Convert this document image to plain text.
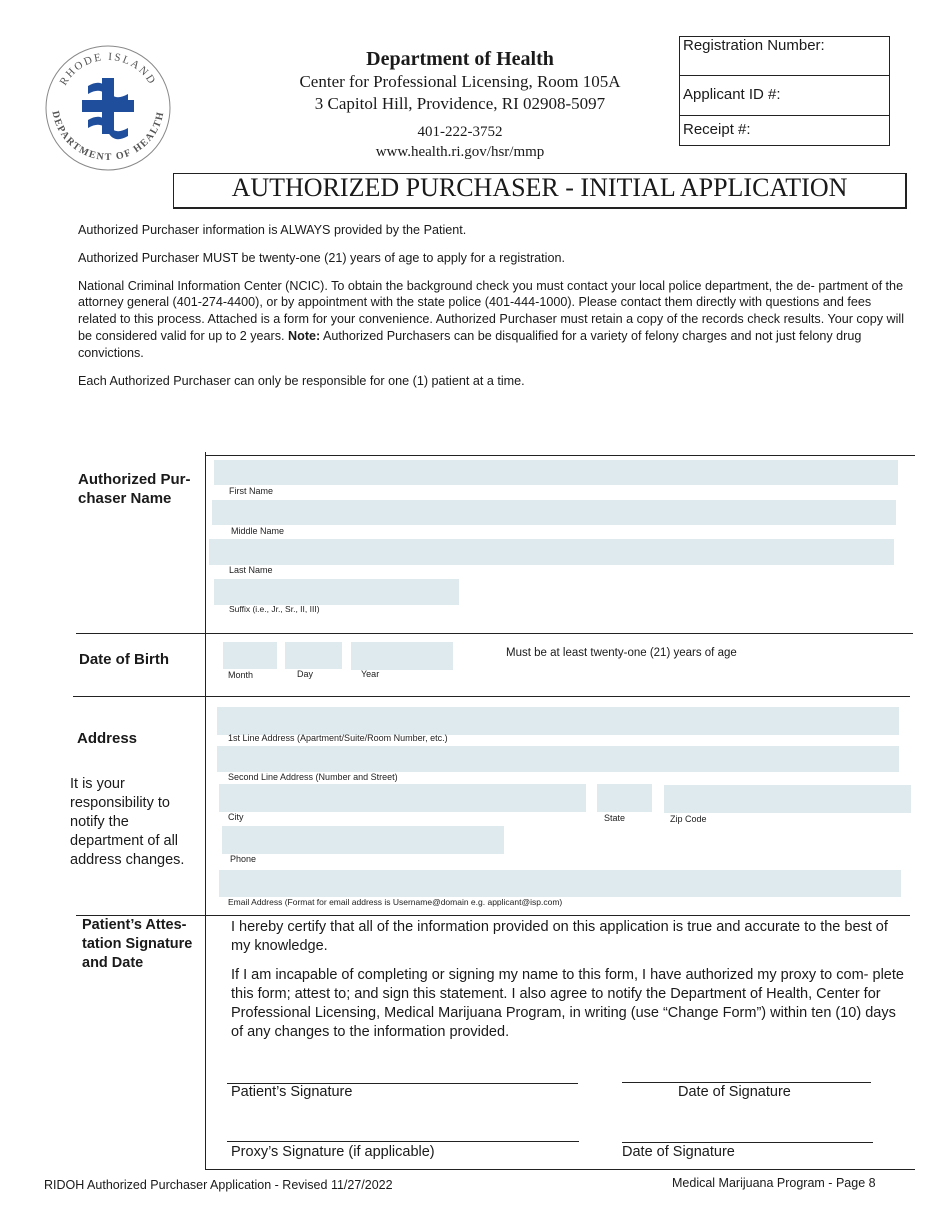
RHODE ISLAND
DEPARTMENT OF HEALTH
Department of Health
Center for Professional Licensing, Room 105A
3 Capitol Hill, Providence, RI 02908-5097
401-222-3752
www.health.ri.gov/hsr/mmp
Registration Number:
Applicant ID #:
Receipt #:
AUTHORIZED PURCHASER - INITIAL APPLICATION

Authorized Purchaser information is ALWAYS provided by the Patient.

Authorized Purchaser MUST be twenty-one (21) years of age to apply for a registration.

National Criminal Information Center (NCIC). To obtain the background check you must contact your local police department, the de- partment of the attorney general (401-274-4400), or by appointment with the state police (401-444-1000). Please contact them directly with questions and fees related to this process. Attached is a form for your convenience. Authorized Purchaser must retain a copy of the records check results. Your copy will be considered valid for up to 2 years. Note: Authorized Purchasers can be disqualified for a variety of felony charges and not just felony drug convictions.

Each Authorized Purchaser can only be responsible for one (1) patient at a time.

Authorized Pur- chaser Name	First Name
Middle Name
Last Name
Suffix (i.e., Jr., Sr., II, III)
Date of Birth
Month	Day	Year
Must be at least twenty-one (21) years of age
Address
It is your responsibility to notify the department of all address changes.
1st Line Address (Apartment/Suite/Room Number, etc.)
Second Line Address (Number and Street)
City	State	Zip Code
Phone
Email Address (Format for email address is Username@domain e.g. applicant@isp.com)
Patient’s Attes- tation Signature and Date

I hereby certify that all of the information provided on this application is true and accurate to the best of my knowledge.

If I am incapable of completing or signing my name to this form, I have authorized my proxy to com- plete this form; attest to; and sign this statement. I also agree to notify the Department of Health, Center for Professional Licensing, Medical Marijuana Program, in writing (use “Change Form”) within ten (10) days of any changes to the information provided.

Patient’s Signature	Date of Signature
Proxy’s Signature (if applicable)	Date of Signature
RIDOH Authorized Purchaser Application - Revised 11/27/2022	Medical Marijuana Program - Page 8
